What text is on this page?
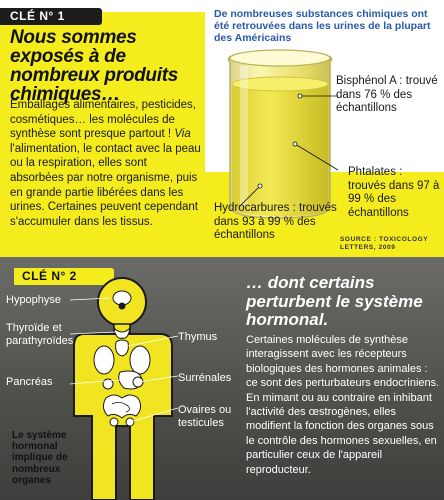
CLÉ N° 1
Nous sommes exposés à de nombreux produits chimiques…
Emballages alimentaires, pesticides, cosmétiques… les molécules de synthèse sont presque partout ! Via l'alimentation, le contact avec la peau ou la respiration, elles sont absorbées par notre organisme, puis en grande partie libérées dans les urines. Certaines peuvent cependant s'accumuler dans les tissus.
De nombreuses substances chimiques ont été retrouvées dans les urines de la plupart des Américains
Bisphénol A : trouvé dans 76 % des échantillons
Phtalates : trouvés dans 97 à 99 % des échantillons
Hydrocarbures : trouvés dans 93 à 99 % des échantillons	SOURCE : TOXICOLOGY LETTERS, 2009
CLÉ N° 2
Hypophyse
Thyroïde et parathyroïdes
Pancréas
Thymus
Surrénales
Ovaires ou testicules
Le système hormonal implique de nombreux organes
… dont certains perturbent le système hormonal.
Certaines molécules de synthèse interagissent avec les récepteurs biologiques des hormones animales : ce sont des perturbateurs endocriniens. En mimant ou au contraire en inhibant l'activité des œstrogènes, elles modifient la fonction des organes sous le contrôle des hormones sexuelles, en particulier ceux de l'appareil reproducteur.
